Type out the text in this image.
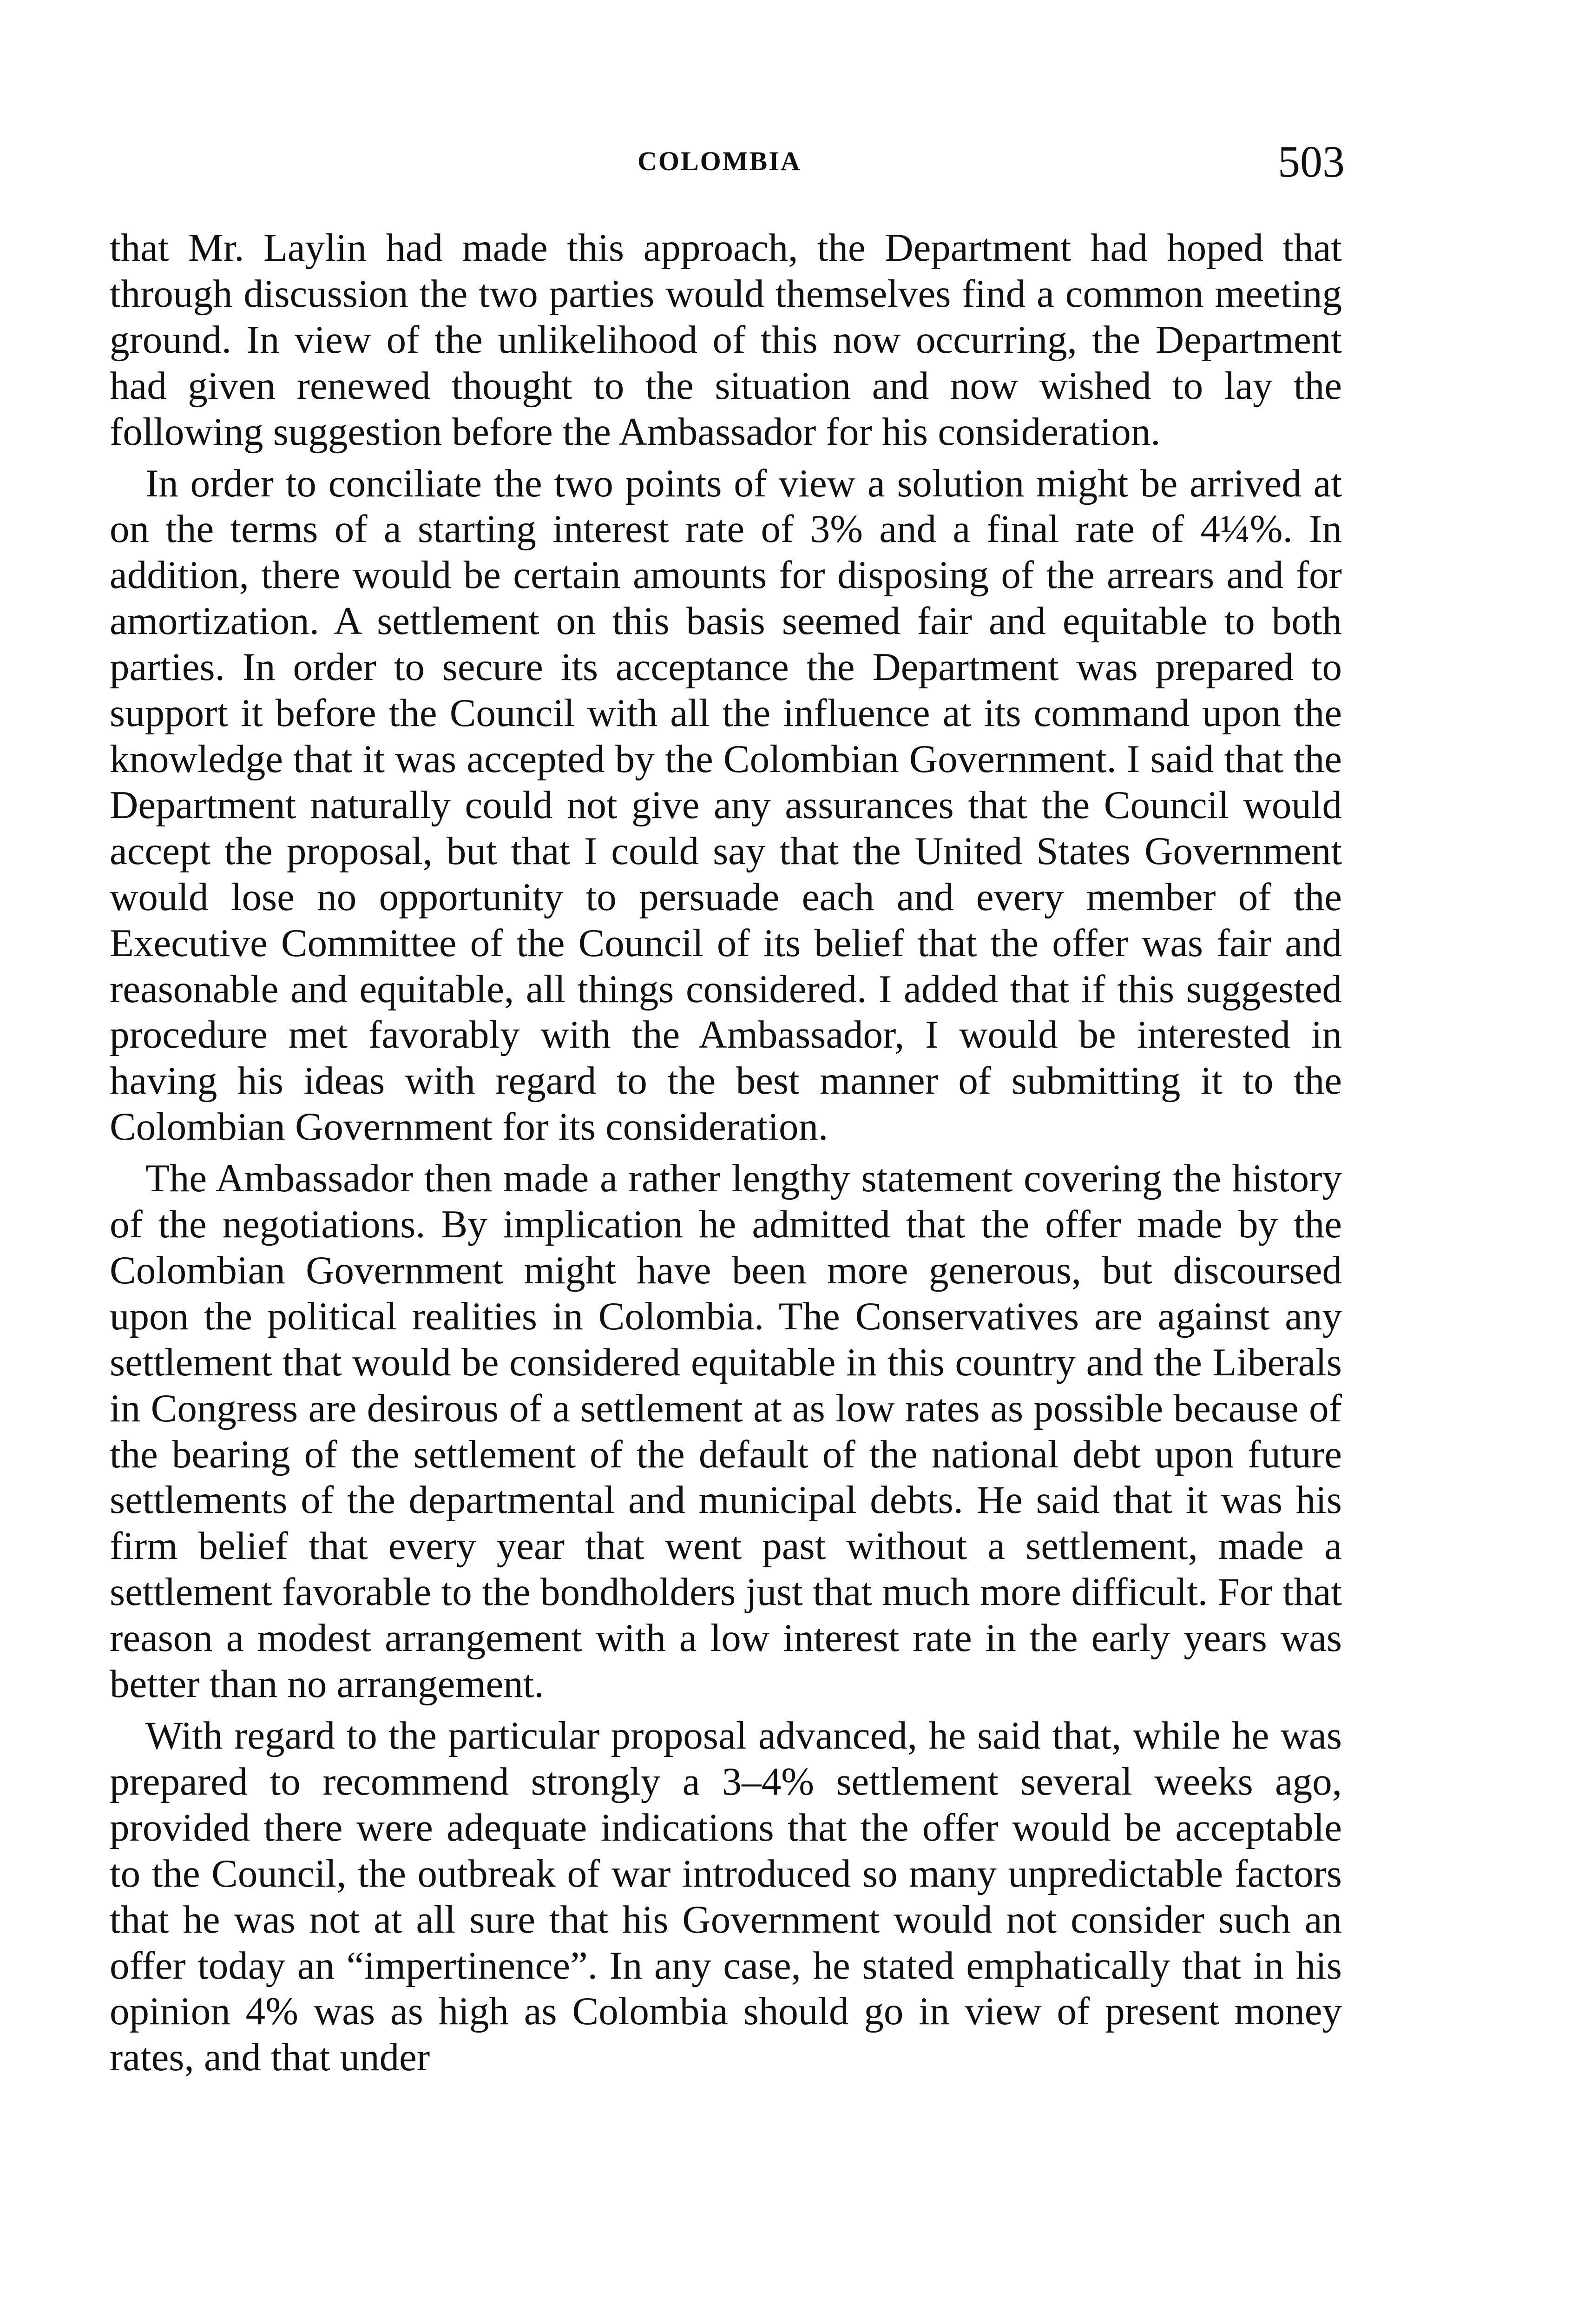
COLOMBIA	503

that Mr. Laylin had made this approach, the Department had hoped that through discussion the two parties would themselves find a common meeting ground. In view of the unlikelihood of this now occurring, the Department had given renewed thought to the situation and now wished to lay the following suggestion before the Ambassador for his consideration.

In order to conciliate the two points of view a solution might be arrived at on the terms of a starting interest rate of 3% and a final rate of 4¼%. In addition, there would be certain amounts for disposing of the arrears and for amortization. A settlement on this basis seemed fair and equitable to both parties. In order to secure its acceptance the Department was prepared to support it before the Council with all the influence at its command upon the knowledge that it was accepted by the Colombian Government. I said that the Department naturally could not give any assurances that the Council would accept the proposal, but that I could say that the United States Government would lose no opportunity to persuade each and every member of the Executive Committee of the Council of its belief that the offer was fair and reasonable and equitable, all things considered. I added that if this suggested procedure met favorably with the Ambassador, I would be interested in having his ideas with regard to the best manner of submitting it to the Colombian Government for its consideration.

The Ambassador then made a rather lengthy statement covering the history of the negotiations. By implication he admitted that the offer made by the Colombian Government might have been more generous, but discoursed upon the political realities in Colombia. The Conservatives are against any settlement that would be considered equitable in this country and the Liberals in Congress are desirous of a settlement at as low rates as possible because of the bearing of the settlement of the default of the national debt upon future settlements of the departmental and municipal debts. He said that it was his firm belief that every year that went past without a settlement, made a settlement favorable to the bondholders just that much more difficult. For that reason a modest arrangement with a low interest rate in the early years was better than no arrangement.

With regard to the particular proposal advanced, he said that, while he was prepared to recommend strongly a 3–4% settlement several weeks ago, provided there were adequate indications that the offer would be acceptable to the Council, the outbreak of war introduced so many unpredictable factors that he was not at all sure that his Government would not consider such an offer today an “impertinence”. In any case, he stated emphatically that in his opinion 4% was as high as Colombia should go in view of present money rates, and that under
